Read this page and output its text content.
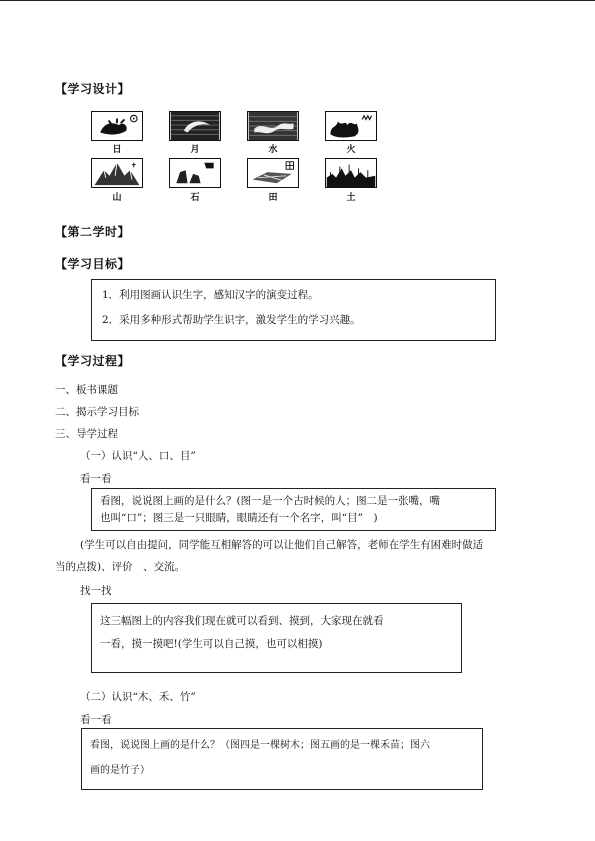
【学习设计】
日	月	水	火
山	石	田	土
【第二学时】
【学习目标】
1．利用图画认识生字，感知汉字的演变过程。
2．采用多种形式帮助学生识字，激发学生的学习兴趣。
【学习过程】
一、板书课题
二、揭示学习目标
三、导学过程
（一）认识“人、口、目”
看一看
看图，说说图上画的是什么？(图一是一个古时候的人；图二是一张嘴，嘴
也叫“口”；图三是一只眼睛，眼睛还有一个名字，叫“目”　)
(学生可以自由提问，同学能互相解答的可以让他们自己解答，老师在学生有困难时做适
当的点拨)、评价　、交流。
找一找
这三幅图上的内容我们现在就可以看到、摸到，大家现在就看
一看，摸一摸吧!(学生可以自己摸，也可以相摸)
（二）认识“木、禾、竹”
看一看
看图，说说图上画的是什么？（图四是一棵树木；图五画的是一棵禾苗；图六
画的是竹子）
